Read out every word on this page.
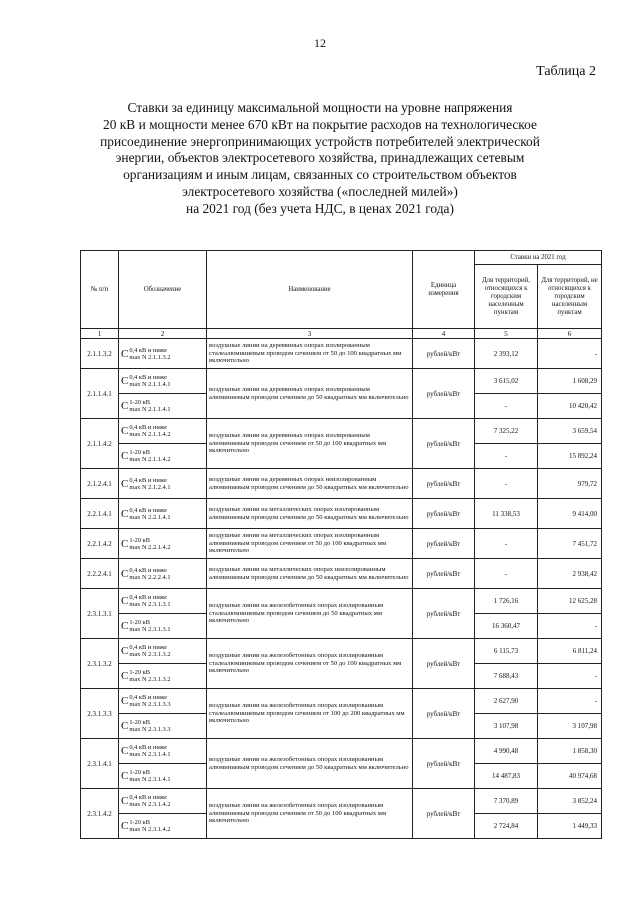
12
Таблица 2
Ставки за единицу максимальной мощности на уровне напряжения
20 кВ и мощности менее 670 кВт на покрытие расходов на технологическое
присоединение энергопринимающих устройств потребителей электрической
энергии, объектов электросетевого хозяйства, принадлежащих сетевым
организациям и иным лицам, связанных со строительством объектов
электросетевого хозяйства («последней милей»)
на 2021 год (без учета НДС, в ценах 2021 года)
№ п/п	Обозначение	Наименование	Единица измерения	Ставки на 2021 год	
				Для территорий, относящихся к городским населенным пунктам	Для территорий, не относящихся к городским населенным пунктам
1	2	3	4	5	6
2.1.1.3.2	C 0,4 кВ и ниже
max N 2.1.1.3.2	воздушные линии на деревянных опорах изолированным сталеалюминиевым проводом сечением от 50 до 100 квадратных мм включительно	рублей/кВт	2 393,12	-
2.1.1.4.1	C 0,4 кВ и ниже
max N 2.1.1.4.1	воздушные линии на деревянных опорах изолированным алюминиевым проводом сечением до 50 квадратных мм включительно	рублей/кВт	3 615,02	1 608,29

	C 1-20 кВ
max N 2.1.1.4.1			-	10 420,42
2.1.1.4.2	C 0,4 кВ и ниже
max N 2.1.1.4.2	воздушные линии на деревянных опорах изолированным алюминиевым проводом сечением от 50 до 100 квадратных мм включительно	рублей/кВт	7 325,22	3 659,54

	C 1-20 кВ
max N 2.1.1.4.2			-	15 892,24
2.1.2.4.1	C 0,4 кВ и ниже
max N 2.1.2.4.1	воздушные линии на деревянных опорах неизолированным алюминиевым проводом сечением до 50 квадратных мм включительно	рублей/кВт	-	979,72
2.2.1.4.1	C 0,4 кВ и ниже
max N 2.2.1.4.1	воздушные линии на металлических опорах изолированным алюминиевым проводом сечением до 50 квадратных мм включительно	рублей/кВт	11 338,53	9 414,00
2.2.1.4.2	C 1-20 кВ
max N 2.2.1.4.2	воздушные линии на металлических опорах изолированным алюминиевым проводом сечением от 50 до 100 квадратных мм включительно	рублей/кВт	-	7 451,72
2.2.2.4.1	C 0,4 кВ и ниже
max N 2.2.2.4.1	воздушные линии на металлических опорах неизолированным алюминиевым проводом сечением до 50 квадратных мм включительно	рублей/кВт	-	2 938,42
2.3.1.3.1	C 0,4 кВ и ниже
max N 2.3.1.3.1	воздушные линии на железобетонных опорах изолированным сталеалюминиевым проводом сечением до 50 квадратных мм включительно	рублей/кВт	1 726,16	12 625,28

	C 1-20 кВ
max N 2.3.1.3.1			16 360,47	-
2.3.1.3.2	C 0,4 кВ и ниже
max N 2.3.1.3.2	воздушные линии на железобетонных опорах изолированным сталеалюминиевым проводом сечением от 50 до 100 квадратных мм включительно	рублей/кВт	6 115,73	6 811,24

	C 1-20 кВ
max N 2.3.1.3.2			7 688,43	-
2.3.1.3.3	C 0,4 кВ и ниже
max N 2.3.1.3.3	воздушные линии на железобетонных опорах изолированным сталеалюминиевым проводом сечением от 100 до 200 квадратных мм включительно	рублей/кВт	2 627,90	-

	C 1-20 кВ
max N 2.3.1.3.3			3 107,98	3 107,98
2.3.1.4.1	C 0,4 кВ и ниже
max N 2.3.1.4.1	воздушные линии на железобетонных опорах изолированным алюминиевым проводом сечением до 50 квадратных мм включительно	рублей/кВт	4 990,48	1 858,30

	C 1-20 кВ
max N 2.3.1.4.1			14 487,83	40 974,68
2.3.1.4.2	C 0,4 кВ и ниже
max N 2.3.1.4.2	воздушные линии на железобетонных опорах изолированным алюминиевым проводом сечением от 50 до 100 квадратных мм включительно	рублей/кВт	7 370,89	3 852,24

	C 1-20 кВ
max N 2.3.1.4.2			2 724,84	1 449,33
